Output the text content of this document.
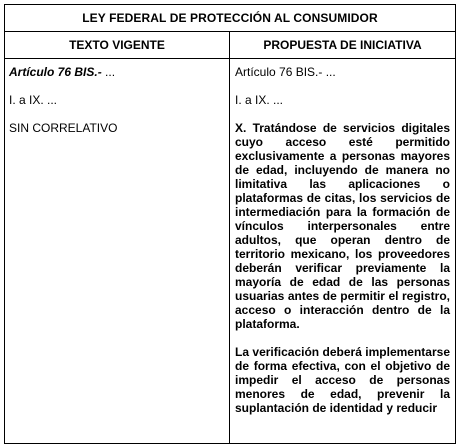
LEY FEDERAL DE PROTECCIÓN AL CONSUMIDOR
TEXTO VIGENTE	PROPUESTA DE INICIATIVA

Artículo 76 BIS.- ...

I. a IX. ...

SIN CORRELATIVO

Artículo 76 BIS.- ...

I. a IX. ...

X. Tratándose de servicios digitales cuyo acceso esté permitido exclusivamente a personas mayores de edad, incluyendo de manera no limitativa las aplicaciones o plataformas de citas, los servicios de intermediación para la formación de vínculos interpersonales entre adultos, que operan dentro de territorio mexicano, los proveedores deberán verificar previamente la mayoría de edad de las personas usuarias antes de permitir el registro, acceso o interacción dentro de la plataforma.

La verificación deberá implementarse de forma efectiva, con el objetivo de impedir el acceso de personas menores de edad, prevenir la suplantación de identidad y reducir
